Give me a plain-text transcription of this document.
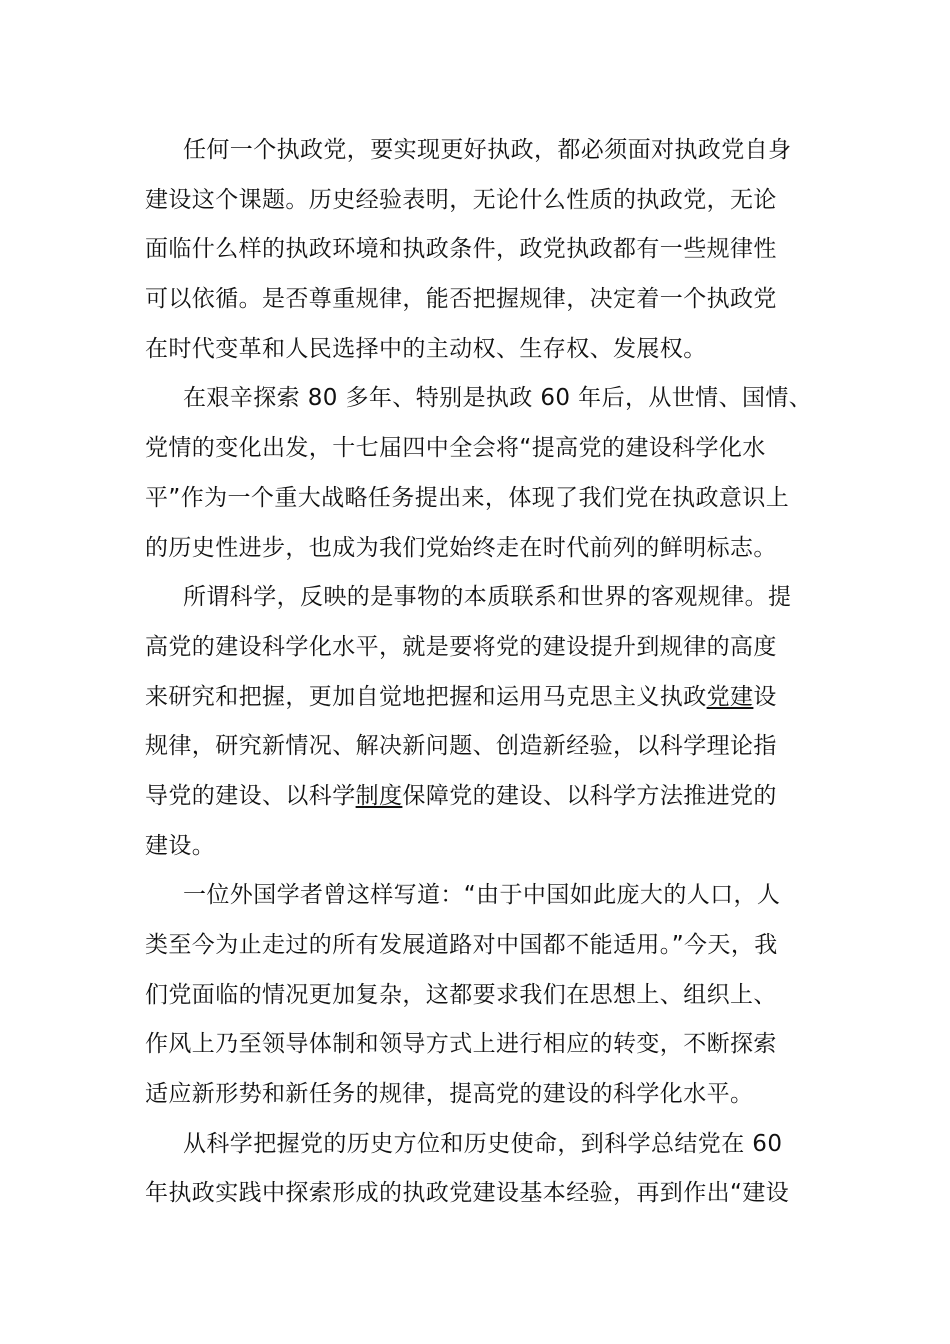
任何一个执政党，要实现更好执政，都必须面对执政党自身
建设这个课题。历史经验表明，无论什么性质的执政党，无论
面临什么样的执政环境和执政条件，政党执政都有一些规律性
可以依循。是否尊重规律，能否把握规律，决定着一个执政党
在时代变革和人民选择中的主动权、生存权、发展权。
在艰辛探索 80 多年、特别是执政 60 年后，从世情、国情、
党情的变化出发，十七届四中全会将“提高党的建设科学化水
平”作为一个重大战略任务提出来，体现了我们党在执政意识上
的历史性进步，也成为我们党始终走在时代前列的鲜明标志。
所谓科学，反映的是事物的本质联系和世界的客观规律。提
高党的建设科学化水平，就是要将党的建设提升到规律的高度
来研究和把握，更加自觉地把握和运用马克思主义执政党建设
规律，研究新情况、解决新问题、创造新经验，以科学理论指
导党的建设、以科学制度保障党的建设、以科学方法推进党的
建设。
一位外国学者曾这样写道：“由于中国如此庞大的人口，人
类至今为止走过的所有发展道路对中国都不能适用。”今天，我
们党面临的情况更加复杂，这都要求我们在思想上、组织上、
作风上乃至领导体制和领导方式上进行相应的转变，不断探索
适应新形势和新任务的规律，提高党的建设的科学化水平。
从科学把握党的历史方位和历史使命，到科学总结党在 60
年执政实践中探索形成的执政党建设基本经验，再到作出“建设
